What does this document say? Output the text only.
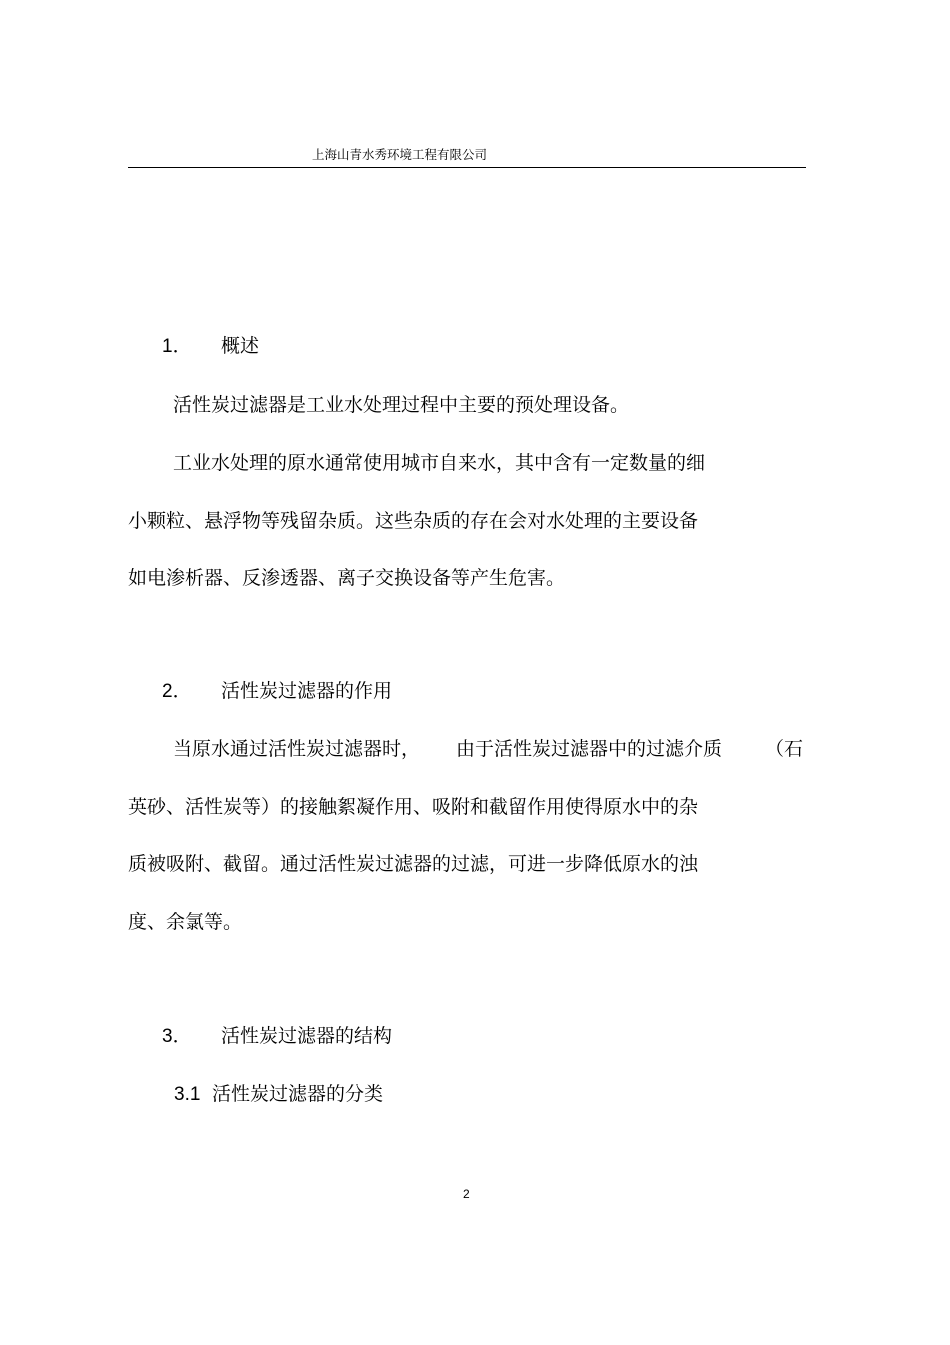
上海山青水秀环境工程有限公司
1． 概述
活性炭过滤器是工业水处理过程中主要的预处理设备。
工业水处理的原水通常使用城市自来水，其中含有一定数量的细
小颗粒、悬浮物等残留杂质。这些杂质的存在会对水处理的主要设备
如电渗析器、反渗透器、离子交换设备等产生危害。
2． 活性炭过滤器的作用
当原水通过活性炭过滤器时， 由于活性炭过滤器中的过滤介质 （石
英砂、活性炭等）的接触絮凝作用、吸附和截留作用使得原水中的杂
质被吸附、截留。通过活性炭过滤器的过滤，可进一步降低原水的浊
度、余氯等。
3． 活性炭过滤器的结构
3.1 活性炭过滤器的分类
2
